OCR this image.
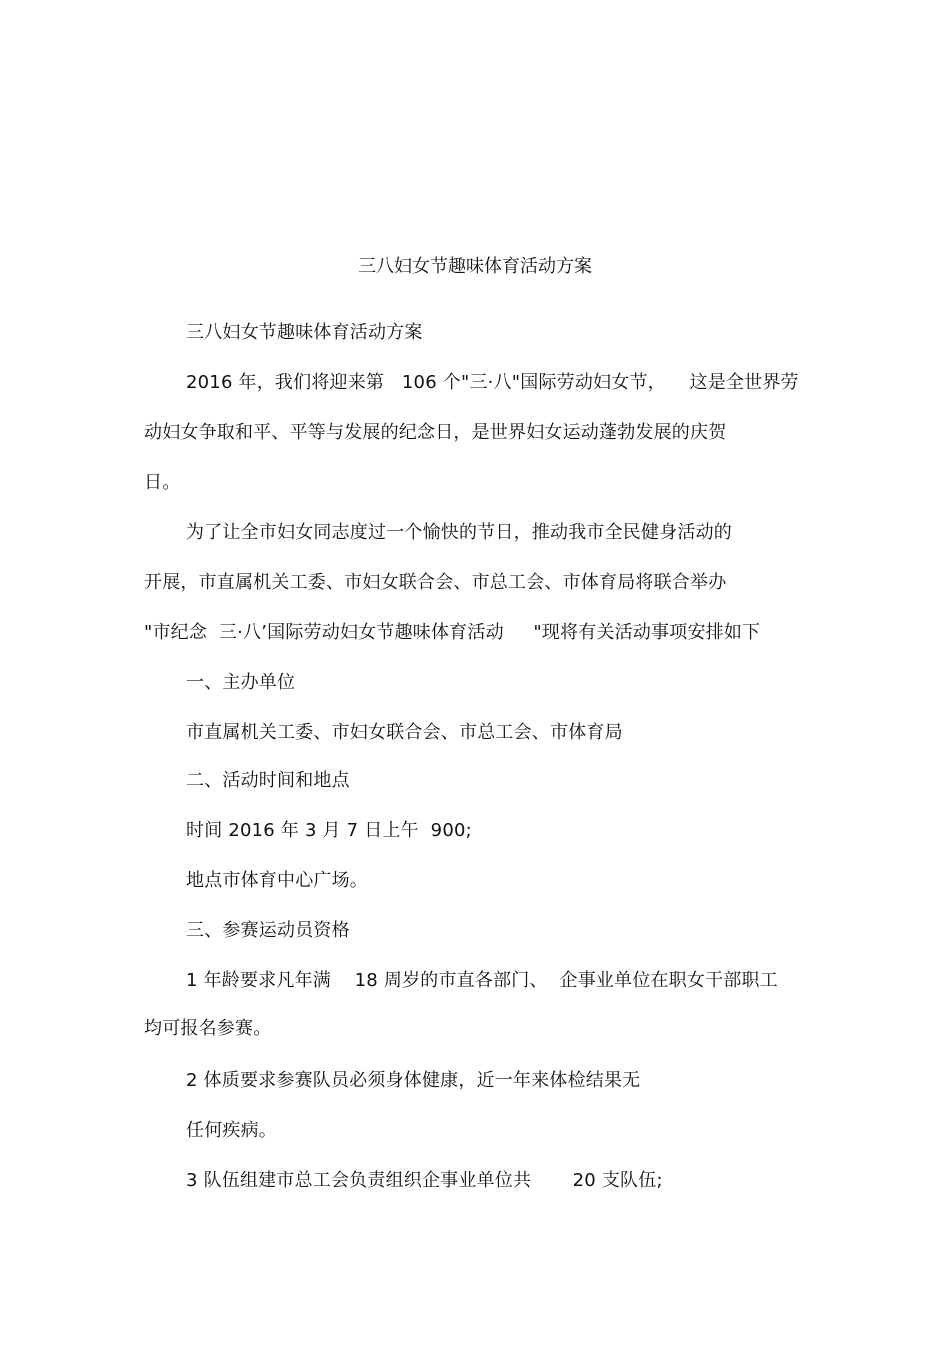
三八妇女节趣味体育活动方案
三八妇女节趣味体育活动方案
2016 年，我们将迎来第   106 个"三·八"国际劳动妇女节，    这是全世界劳
动妇女争取和平、平等与发展的纪念日，是世界妇女运动蓬勃发展的庆贺
日。
为了让全市妇女同志度过一个愉快的节日，推动我市全民健身活动的
开展，市直属机关工委、市妇女联合会、市总工会、市体育局将联合举办
"市纪念  三·八’国际劳动妇女节趣味体育活动     "现将有关活动事项安排如下
一、主办单位
市直属机关工委、市妇女联合会、市总工会、市体育局
二、活动时间和地点
时间 2016 年 3 月 7 日上午  900;
地点市体育中心广场。
三、参赛运动员资格
1 年龄要求凡年满    18 周岁的市直各部门、  企事业单位在职女干部职工
均可报名参赛。
2 体质要求参赛队员必须身体健康，近一年来体检结果无
任何疾病。
3 队伍组建市总工会负责组织企事业单位共       20 支队伍;
